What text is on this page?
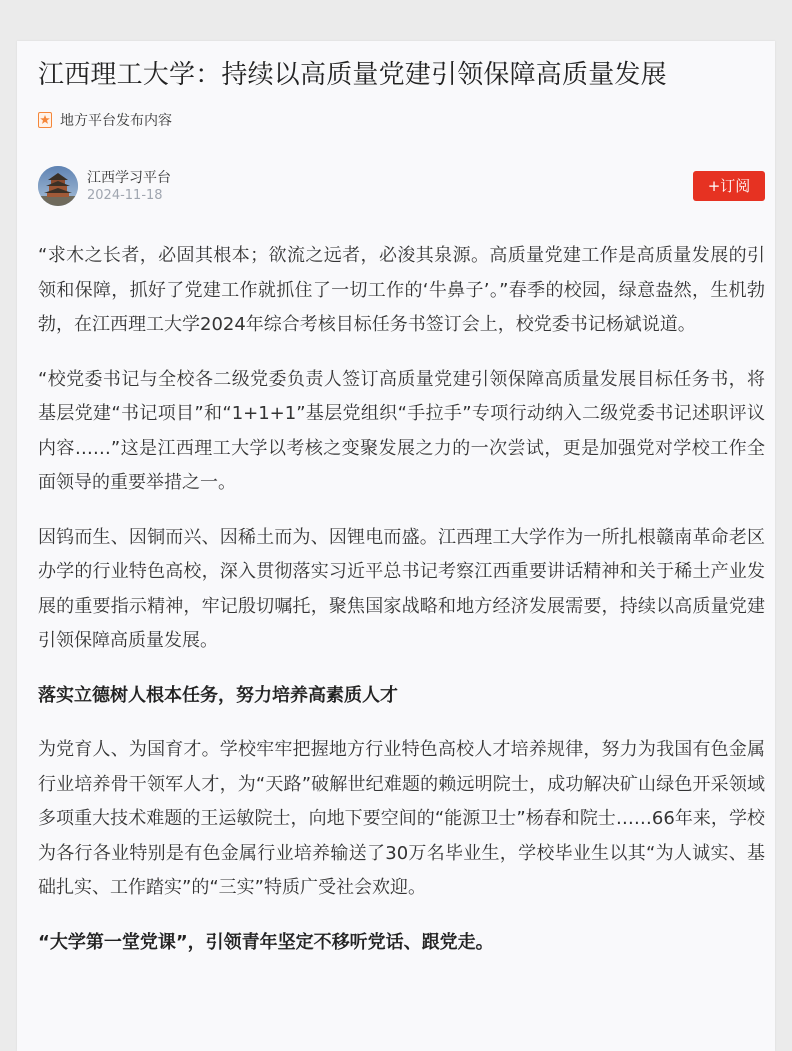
江西理工大学：持续以高质量党建引领保障高质量发展
地方平台发布内容
江西学习平台
2024-11-18
+订阅

“求木之长者，必固其根本；欲流之远者，必浚其泉源。高质量党建工作是高质量发展的引领和保障，抓好了党建工作就抓住了一切工作的‘牛鼻子’。”春季的校园，绿意盎然，生机勃勃，在江西理工大学2024年综合考核目标任务书签订会上，校党委书记杨斌说道。

“校党委书记与全校各二级党委负责人签订高质量党建引领保障高质量发展目标任务书，将基层党建“书记项目”和“1+1+1”基层党组织“手拉手”专项行动纳入二级党委书记述职评议内容……”这是江西理工大学以考核之变聚发展之力的一次尝试，更是加强党对学校工作全面领导的重要举措之一。

因钨而生、因铜而兴、因稀土而为、因锂电而盛。江西理工大学作为一所扎根赣南革命老区办学的行业特色高校，深入贯彻落实习近平总书记考察江西重要讲话精神和关于稀土产业发展的重要指示精神，牢记殷切嘱托，聚焦国家战略和地方经济发展需要，持续以高质量党建引领保障高质量发展。

落实立德树人根本任务，努力培养高素质人才

为党育人、为国育才。学校牢牢把握地方行业特色高校人才培养规律，努力为我国有色金属行业培养骨干领军人才，为“天路”破解世纪难题的赖远明院士，成功解决矿山绿色开采领域多项重大技术难题的王运敏院士，向地下要空间的“能源卫士”杨春和院士……66年来，学校为各行各业特别是有色金属行业培养输送了30万名毕业生，学校毕业生以其“为人诚实、基础扎实、工作踏实”的“三实”特质广受社会欢迎。

“大学第一堂党课”，引领青年坚定不移听党话、跟党走。
